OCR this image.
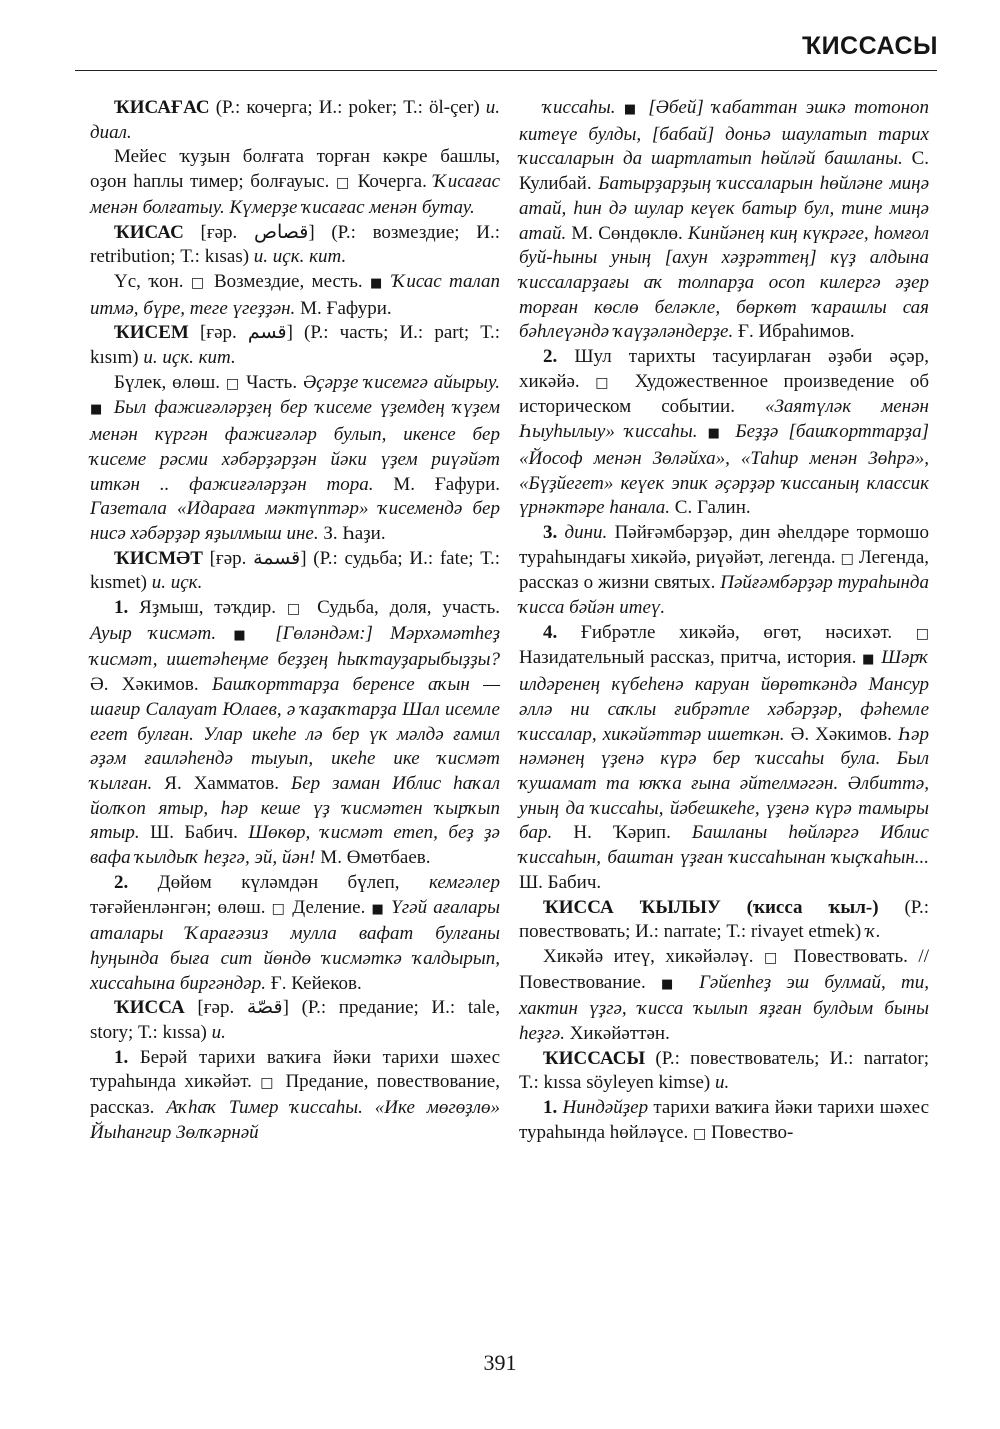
ҠИССАСЫ

ҠИСАҒАС (Р.: кочерга; И.: poker; Т.: öl-çer) и. диал.

Мейес ҡуҙын болғата торған кәкре башлы, оҙон һаплы тимер; болғауыс. □ Кочерга. Ҡисағас менән болғатыу. Күмерҙе ҡисағас менән бутау.

ҠИСАС [ғәр. قصاص] (Р.: возмездие; И.: retribution; Т.: kısas) и. иҫк. кит.

Үс, ҡон. □ Возмездие, месть. ■ Ҡисас талап итмә, бүре, теге үгеҙҙән. М. Ғафури.

ҠИСЕМ [ғәр. قسم] (Р.: часть; И.: part; Т.: kısım) и. иҫк. кит.

Бүлек, өлөш. □ Часть. Әҫәрҙе ҡисемгә айырыу. ■ Был фажиғәләрҙең бер ҡисеме үҙемдең ҡүҙем менән күргән фажиғәләр булып, икенсе бер ҡисеме рәсми хәбәрҙәрҙән йәки үҙем риүәйәт иткән .. фажиғәләрҙән тора. М. Ғафури. Газетала «Идараға мәктүптәр» ҡисемендә бер нисә хәбәрҙәр яҙылмыш ине. З. Һаҙи.

ҠИСМӘТ [ғәр. قسمة] (Р.: судьба; И.: fate; Т.: kısmet) и. иҫк.

1. Яҙмыш, тәҡдир. □ Судьба, доля, участь. Ауыр ҡисмәт. ■ [Гөләндәм:] Мәрхәмәтһеҙ ҡисмәт, ишетәһеңме беҙҙең һыҡтауҙарыбыҙҙы? Ә. Хәкимов. Башҡорттарҙа беренсе аҡын — шағир Салауат Юлаев, ә ҡаҙаҡтарҙа Шал исемле егет булған. Улар икеһе лә бер үк мәлдә ғамил әҙәм ғаиләһендә тыуып, икеһе ике ҡисмәт ҡылған. Я. Хамматов. Бер заман Иблис һаҡал йолҡоп ятыр, һәр кеше үҙ ҡисмәтен ҡырҡып ятыр. Ш. Бабич. Шөкөр, ҡисмәт етеп, беҙ ҙә вафа ҡылдыҡ һеҙгә, эй, йән! М. Өмөтбаев.

2. Дөйөм күләмдән бүлеп, кемгәлер тәғәйенләнгән; өлөш. □ Деление. ■ Үгәй ағалары аталары Ҡарағәзиз мулла вафат булғаны һуңында быға сит йөндө ҡисмәткә ҡалдырып, хиссаһына биргәндәр. Ғ. Кейеков.

ҠИССА [ғәр. قصّة] (Р.: предание; И.: tale, story; Т.: kıssa) и.

1. Берәй тарихи ваҡиға йәки тарихи шәхес тураһында хикәйәт. □ Предание, повествование, рассказ. Аҡһаҡ Тимер ҡиссаһы. «Ике мөгөҙлө» Йыһангир Зөлҡәрнәй

ҡиссаһы. ■ [Әбей] ҡабаттан эшкә тотоноп китеүе булды, [бабай] доньә шаулатып тарих ҡиссаларын да шартлатып һөйләй башланы. С. Кулибай. Батырҙарҙың ҡиссаларын һөйләне миңә атай, һин дә шулар кеүек батыр бул, тине миңә атай. М. Сөндөклө. Кинйәнең киң күкрәге, һомғол буй-һыны уның [ахун хәҙрәттең] күҙ алдына ҡиссаларҙағы аҡ толпарҙа осоп килергә әҙер торған көслө беләкле, бөркөт ҡарашлы сая бәһлеүәндә ҡаүҙәләндерҙе. Ғ. Ибраһимов.

2. Шул тарихты тасуирлаған әҙәби әҫәр, хикәйә. □ Художественное произведение об историческом событии. «Заятүләк менән Һыуһылыу» ҡиссаһы. ■ Беҙҙә [башҡорттарҙа] «Йософ менән Зөләйха», «Таһир менән Зөһрә», «Бүҙйегет» кеүек эпик әҫәрҙәр ҡиссаның классик үрнәктәре һанала. С. Галин.

3. дини. Пәйғәмбәрҙәр, дин әһелдәре тормошо тураһындағы хикәйә, риүәйәт, легенда. □ Легенда, рассказ о жизни святых. Пәйғәмбәрҙәр тураһында ҡисса бәйән итеү.

4. Ғибрәтле хикәйә, өгөт, нәсихәт. □ Назидательный рассказ, притча, история. ■ Шәрҡ илдәренең күбеһенә каруан йөрөткәндә Мансур әллә ни саҡлы ғибрәтле хәбәрҙәр, фәһемле ҡиссалар, хикәйәттәр ишеткән. Ә. Хәкимов. Һәр нәмәнең үҙенә күрә бер ҡиссаһы була. Был ҡушамат та юҡҡа ғына әйтелмәгән. Әлбиттә, уның да ҡиссаһы, йәбешкеһе, үҙенә күрә тамыры бар. Н. Ҡәрип. Башланы һөйләргә Иблис ҡиссаһын, баштан үҙған ҡиссаһынан ҡыҫҡаһын... Ш. Бабич.

ҠИССА ҠЫЛЫУ (ҡисса ҡыл-) (Р.: повествовать; И.: narrate; Т.: rivayet etmek) ҡ.

Хикәйә итеү, хикәйәләү. □ Повествовать. // Повествование. ■ Гәйепһеҙ эш булмай, ти, хактин үҙгә, ҡисса ҡылып яҙған булдым быны һеҙгә. Хикәйәттән.

ҠИССАСЫ (Р.: повествователь; И.: narrator; Т.: kıssa söyleyen kimse) и.

1. Ниндәйҙер тарихи ваҡиға йәки тарихи шәхес тураһында һөйләүсе. □ Повество-

391
